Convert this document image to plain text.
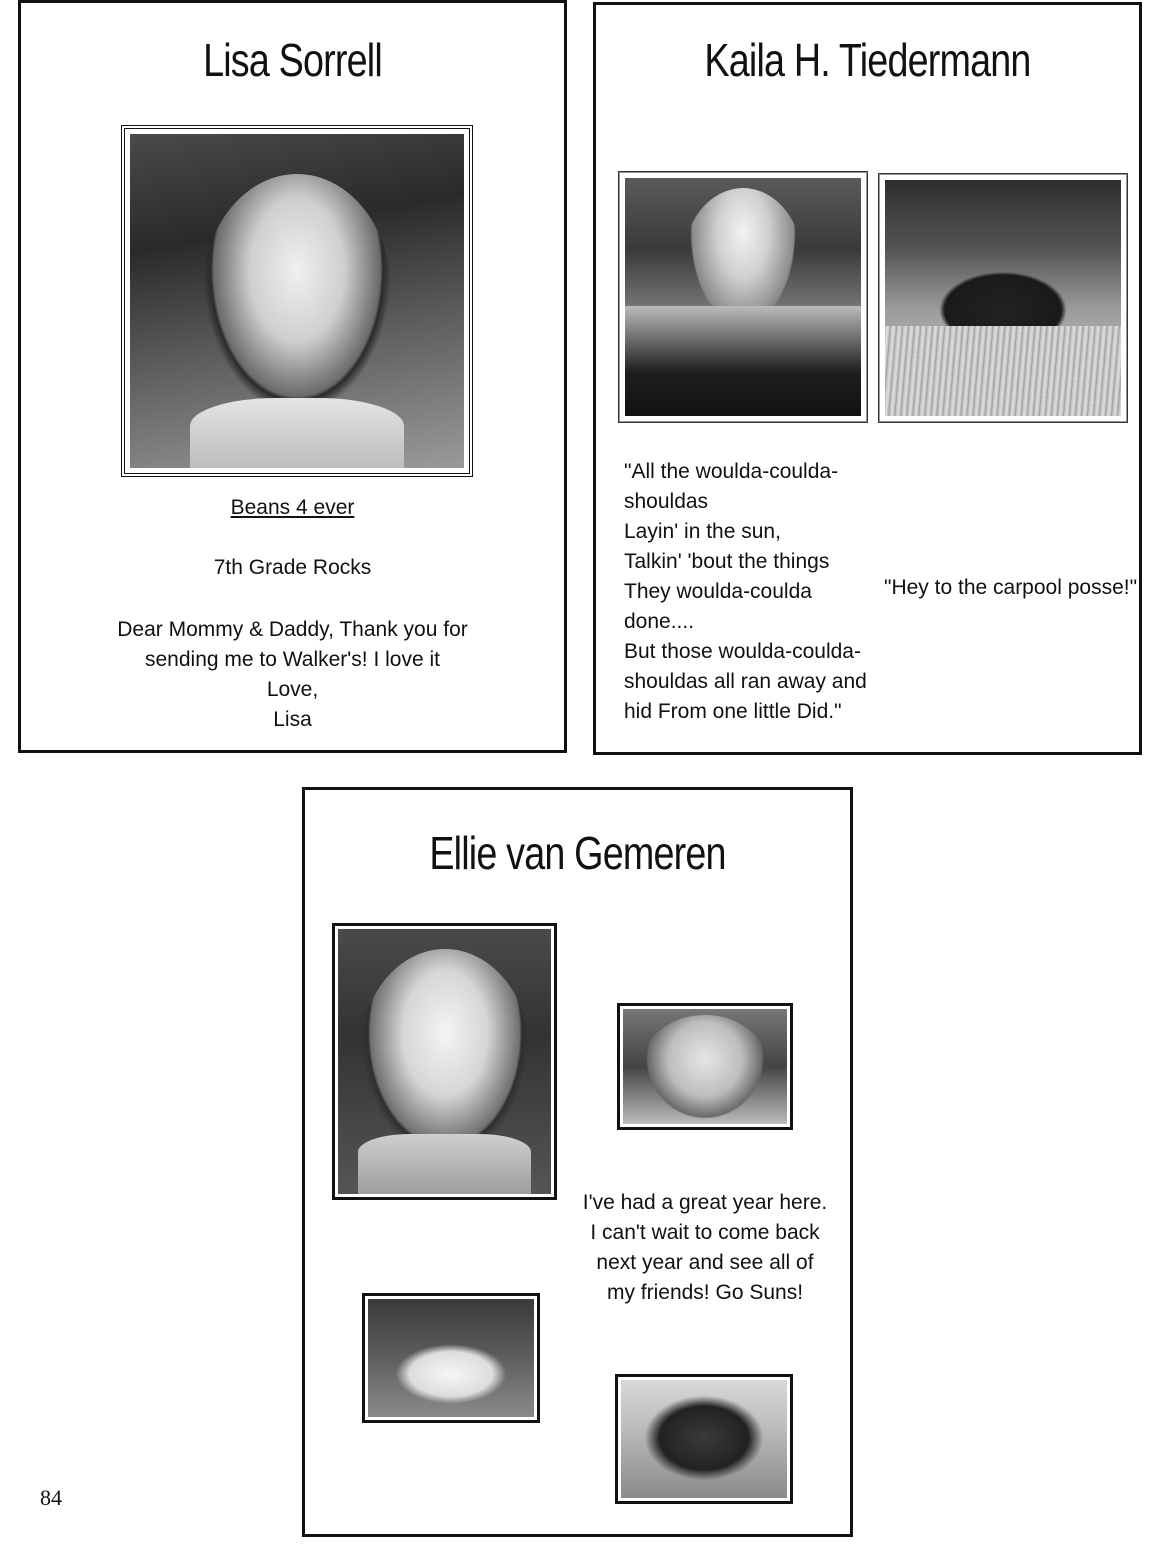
Lisa Sorrell
Beans 4 ever
7th Grade Rocks
Dear Mommy & Daddy, Thank you for
sending me to Walker's! I love it
Love,
Lisa
Kaila H. Tiedermann
"All the woulda-coulda-
shouldas
Layin' in the sun,
Talkin' 'bout the things
They woulda-coulda
done....
But those woulda-coulda-
shouldas all ran away and
hid From one little Did."
"Hey to the carpool posse!"
Ellie van Gemeren
I've had a great year here.
I can't wait to come back
next year and see all of
my friends! Go Suns!
84
